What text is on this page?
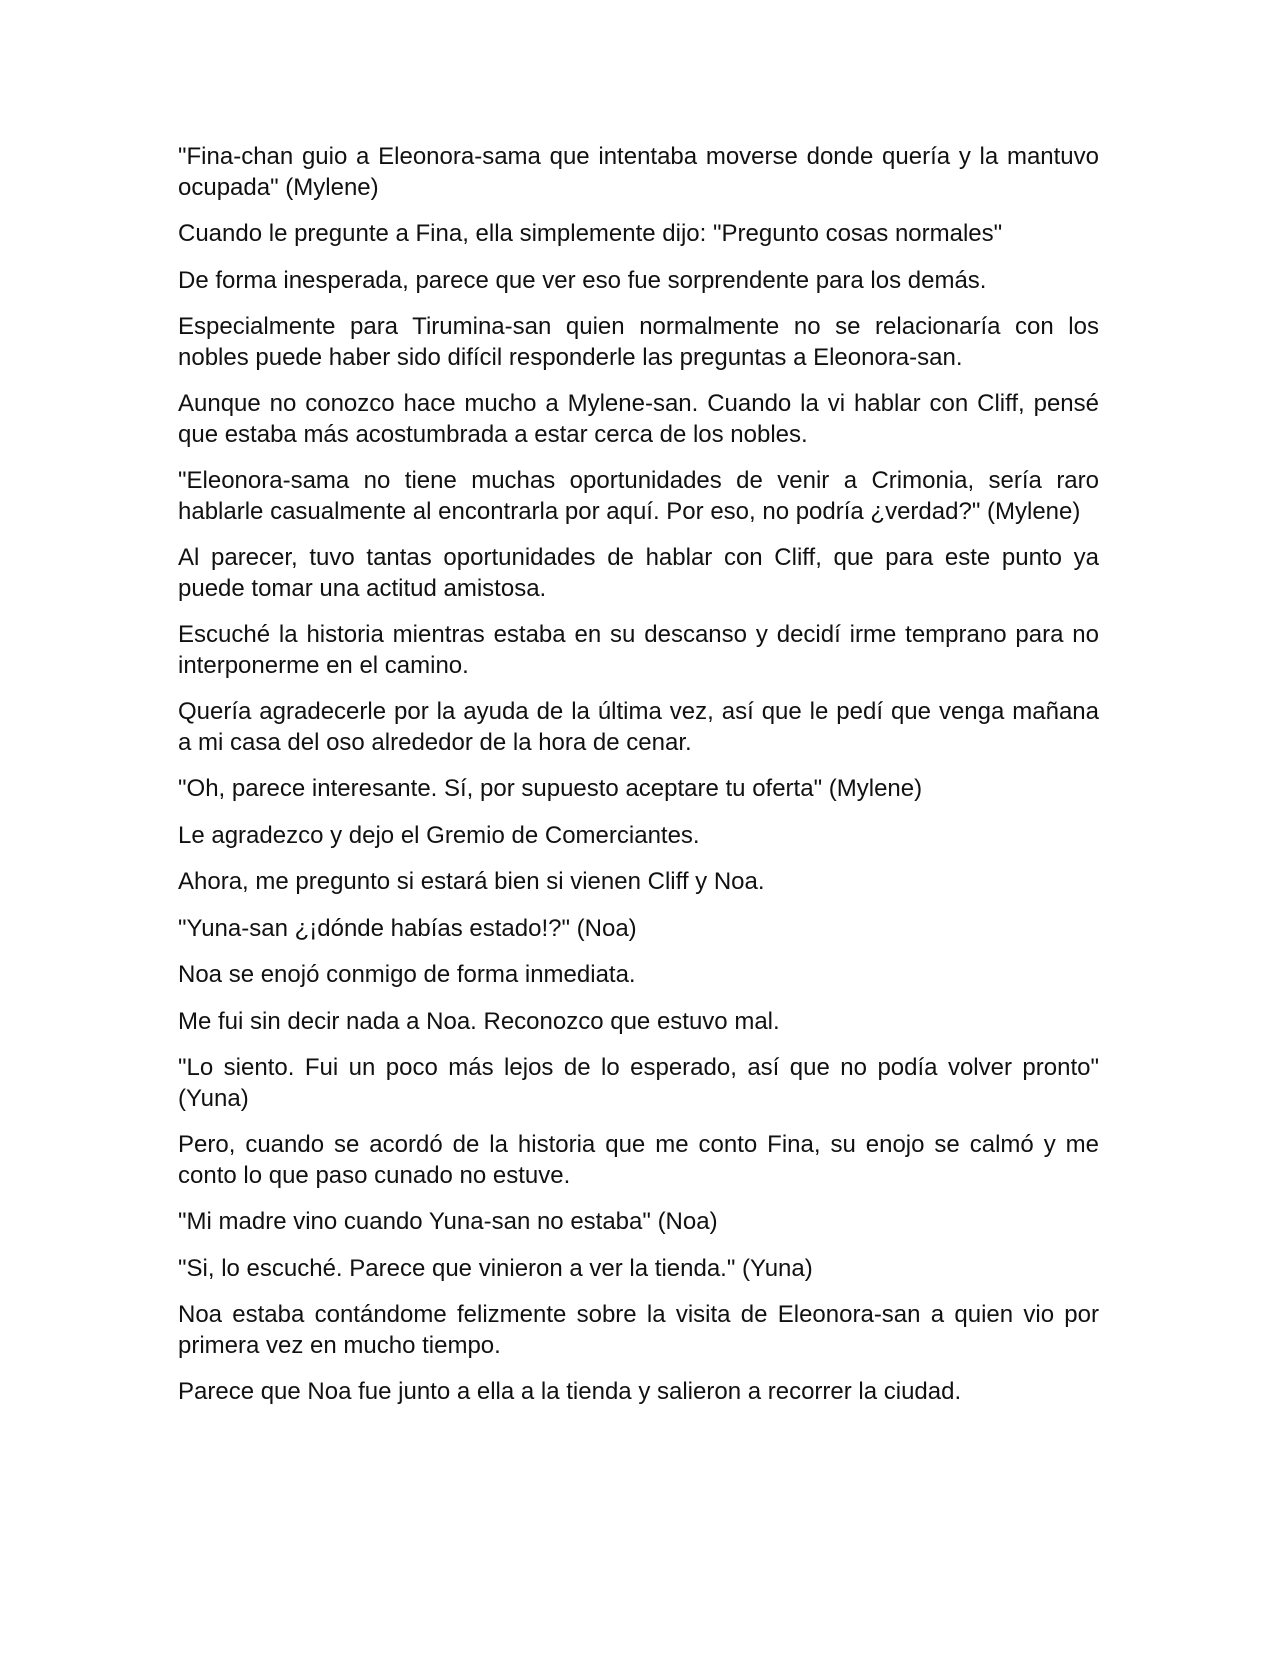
"Fina-chan guio a Eleonora-sama que intentaba moverse donde quería y la mantuvo ocupada" (Mylene)

Cuando le pregunte a Fina, ella simplemente dijo: "Pregunto cosas normales"

De forma inesperada, parece que ver eso fue sorprendente para los demás.

Especialmente para Tirumina-san quien normalmente no se relacionaría con los nobles puede haber sido difícil responderle las preguntas a Eleonora-san.

Aunque no conozco hace mucho a Mylene-san. Cuando la vi hablar con Cliff, pensé que estaba más acostumbrada a estar cerca de los nobles.

"Eleonora-sama no tiene muchas oportunidades de venir a Crimonia, sería raro hablarle casualmente al encontrarla por aquí. Por eso, no podría ¿verdad?" (Mylene)

Al parecer, tuvo tantas oportunidades de hablar con Cliff, que para este punto ya puede tomar una actitud amistosa.

Escuché la historia mientras estaba en su descanso y decidí irme temprano para no interponerme en el camino.

Quería agradecerle por la ayuda de la última vez, así que le pedí que venga mañana a mi casa del oso alrededor de la hora de cenar.

"Oh, parece interesante. Sí, por supuesto aceptare tu oferta" (Mylene)

Le agradezco y dejo el Gremio de Comerciantes.

Ahora, me pregunto si estará bien si vienen Cliff y Noa.

"Yuna-san ¿¡dónde habías estado!?" (Noa)

Noa se enojó conmigo de forma inmediata.

Me fui sin decir nada a Noa. Reconozco que estuvo mal.

"Lo siento. Fui un poco más lejos de lo esperado, así que no podía volver pronto" (Yuna)

Pero, cuando se acordó de la historia que me conto Fina, su enojo se calmó y me conto lo que paso cunado no estuve.

"Mi madre vino cuando Yuna-san no estaba" (Noa)

"Si, lo escuché. Parece que vinieron a ver la tienda." (Yuna)

Noa estaba contándome felizmente sobre la visita de Eleonora-san a quien vio por primera vez en mucho tiempo.

Parece que Noa fue junto a ella a la tienda y salieron a recorrer la ciudad.
